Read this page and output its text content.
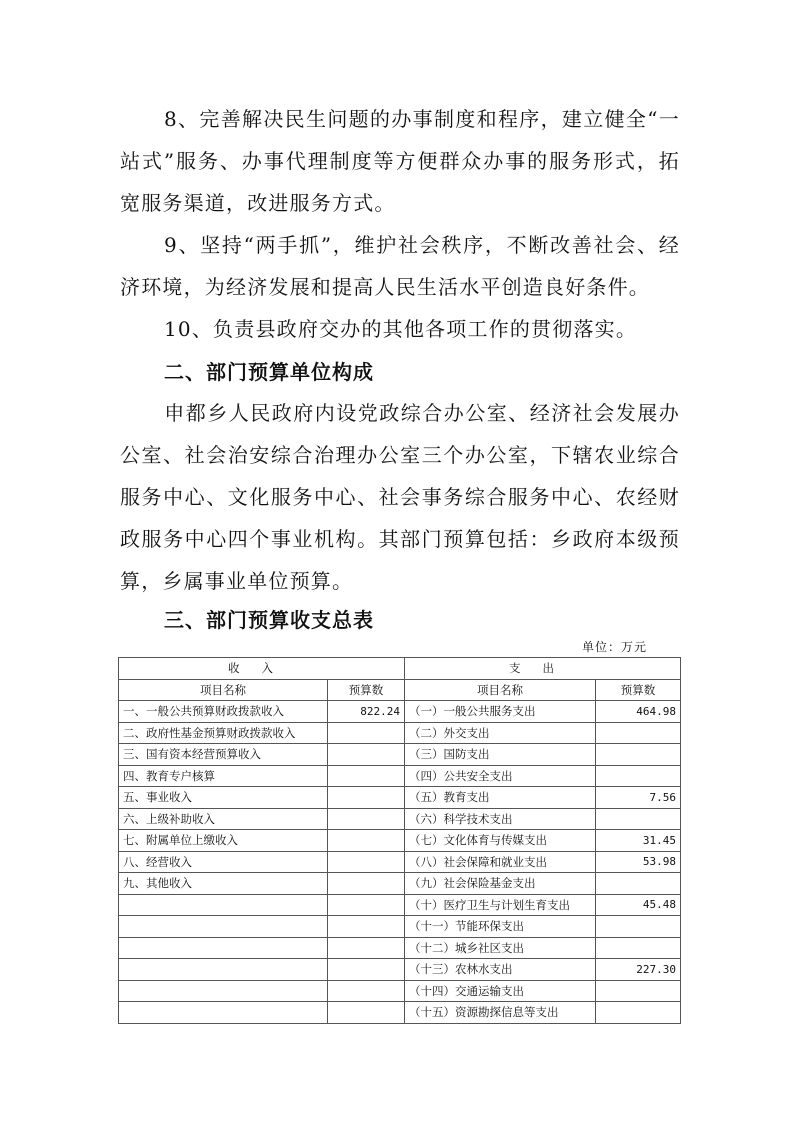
8、完善解决民生问题的办事制度和程序，建立健全“一站式”服务、办事代理制度等方便群众办事的服务形式，拓宽服务渠道，改进服务方式。

9、坚持“两手抓”，维护社会秩序，不断改善社会、经济环境，为经济发展和提高人民生活水平创造良好条件。

10、负责县政府交办的其他各项工作的贯彻落实。

二、部门预算单位构成

申都乡人民政府内设党政综合办公室、经济社会发展办公室、社会治安综合治理办公室三个办公室，下辖农业综合服务中心、文化服务中心、社会事务综合服务中心、农经财政服务中心四个事业机构。其部门预算包括：乡政府本级预算，乡属事业单位预算。

三、部门预算收支总表
单位：万元
收入		支出	
项目名称	预算数	项目名称	预算数
一、一般公共预算财政拨款收入	822.24	（一）一般公共服务支出	464.98
二、政府性基金预算财政拨款收入		（二）外交支出	
三、国有资本经营预算收入		（三）国防支出	
四、教育专户核算		（四）公共安全支出	
五、事业收入		（五）教育支出	7.56
六、上级补助收入		（六）科学技术支出	
七、附属单位上缴收入		（七）文化体育与传媒支出	31.45
八、经营收入		（八）社会保障和就业支出	53.98
九、其他收入		（九）社会保险基金支出	
		（十）医疗卫生与计划生育支出	45.48
		（十一）节能环保支出	
		（十二）城乡社区支出	
		（十三）农林水支出	227.30
		（十四）交通运输支出	
		（十五）资源勘探信息等支出	
